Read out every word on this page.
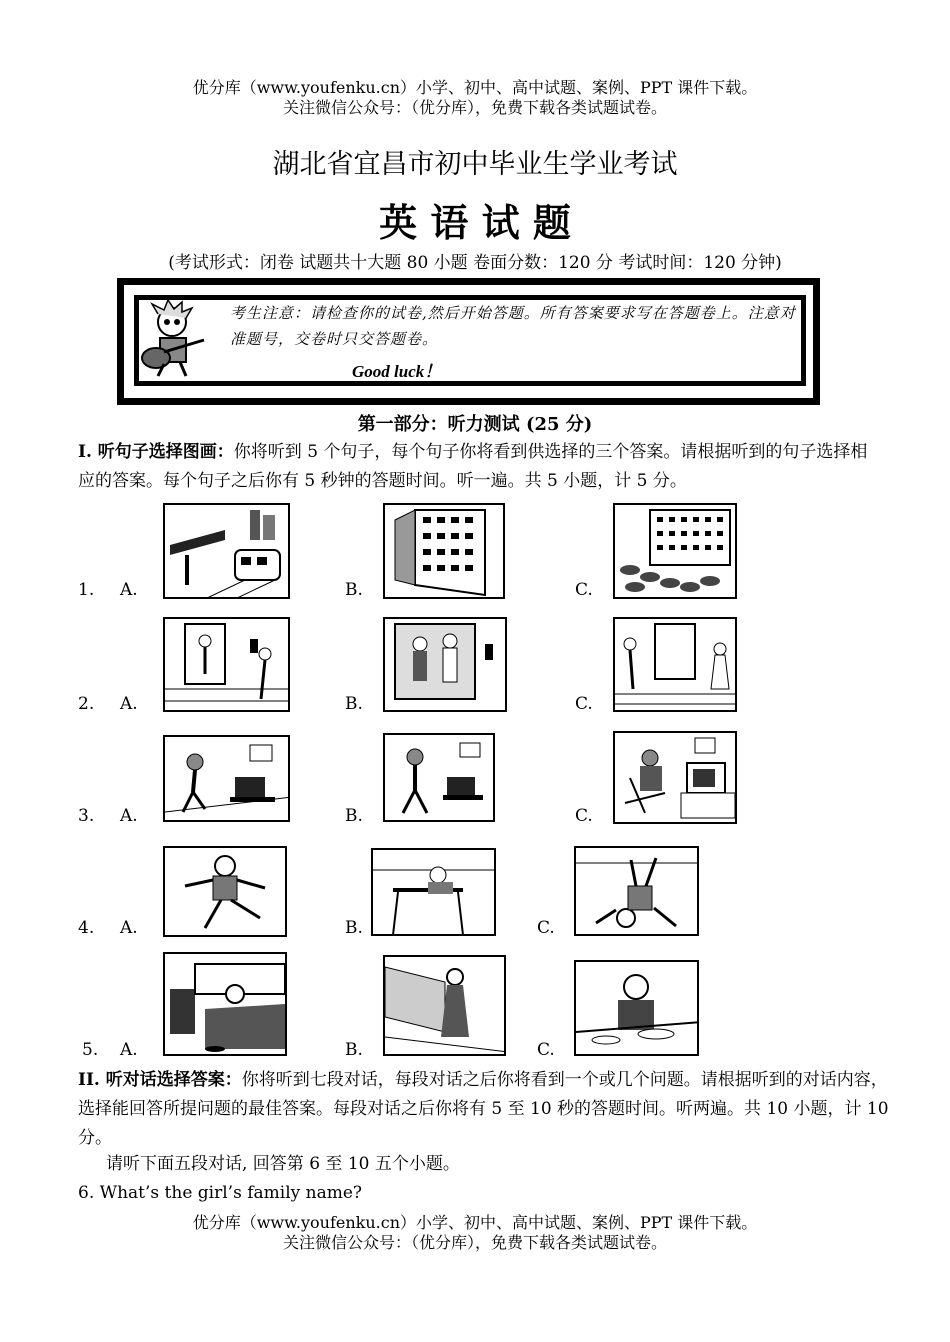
优分库（www.youfenku.cn）小学、初中、高中试题、案例、PPT 课件下载。
关注微信公众号：（优分库），免费下载各类试题试卷。
湖北省宜昌市初中毕业生学业考试
英 语 试 题
(考试形式：闭卷 试题共十大题 80 小题 卷面分数：120 分 考试时间：120 分钟)
考生注意：请检查你的试卷,然后开始答题。所有答案要求写在答题卷上。注意对准题号，交卷时只交答题卷。
Good luck！
第一部分：听力测试 (25 分)
I. 听句子选择图画：你将听到 5 个句子，每个句子你将看到供选择的三个答案。请根据听到的句子选择相应的答案。每个句子之后你有 5 秒钟的答题时间。听一遍。共 5 小题，计 5 分。
1. A.	B.	C.
2. A.	B.	C.
3. A.	B.	C.
4. A.	B.	C.
5. A.	B.	C.
II. 听对话选择答案：你将听到七段对话，每段对话之后你将看到一个或几个问题。请根据听到的对话内容，选择能回答所提问题的最佳答案。每段对话之后你将有 5 至 10 秒的答题时间。听两遍。共 10 小题，计 10 分。
请听下面五段对话, 回答第 6 至 10 五个小题。
6. What’s the girl’s family name?
优分库（www.youfenku.cn）小学、初中、高中试题、案例、PPT 课件下载。
关注微信公众号：（优分库），免费下载各类试题试卷。
